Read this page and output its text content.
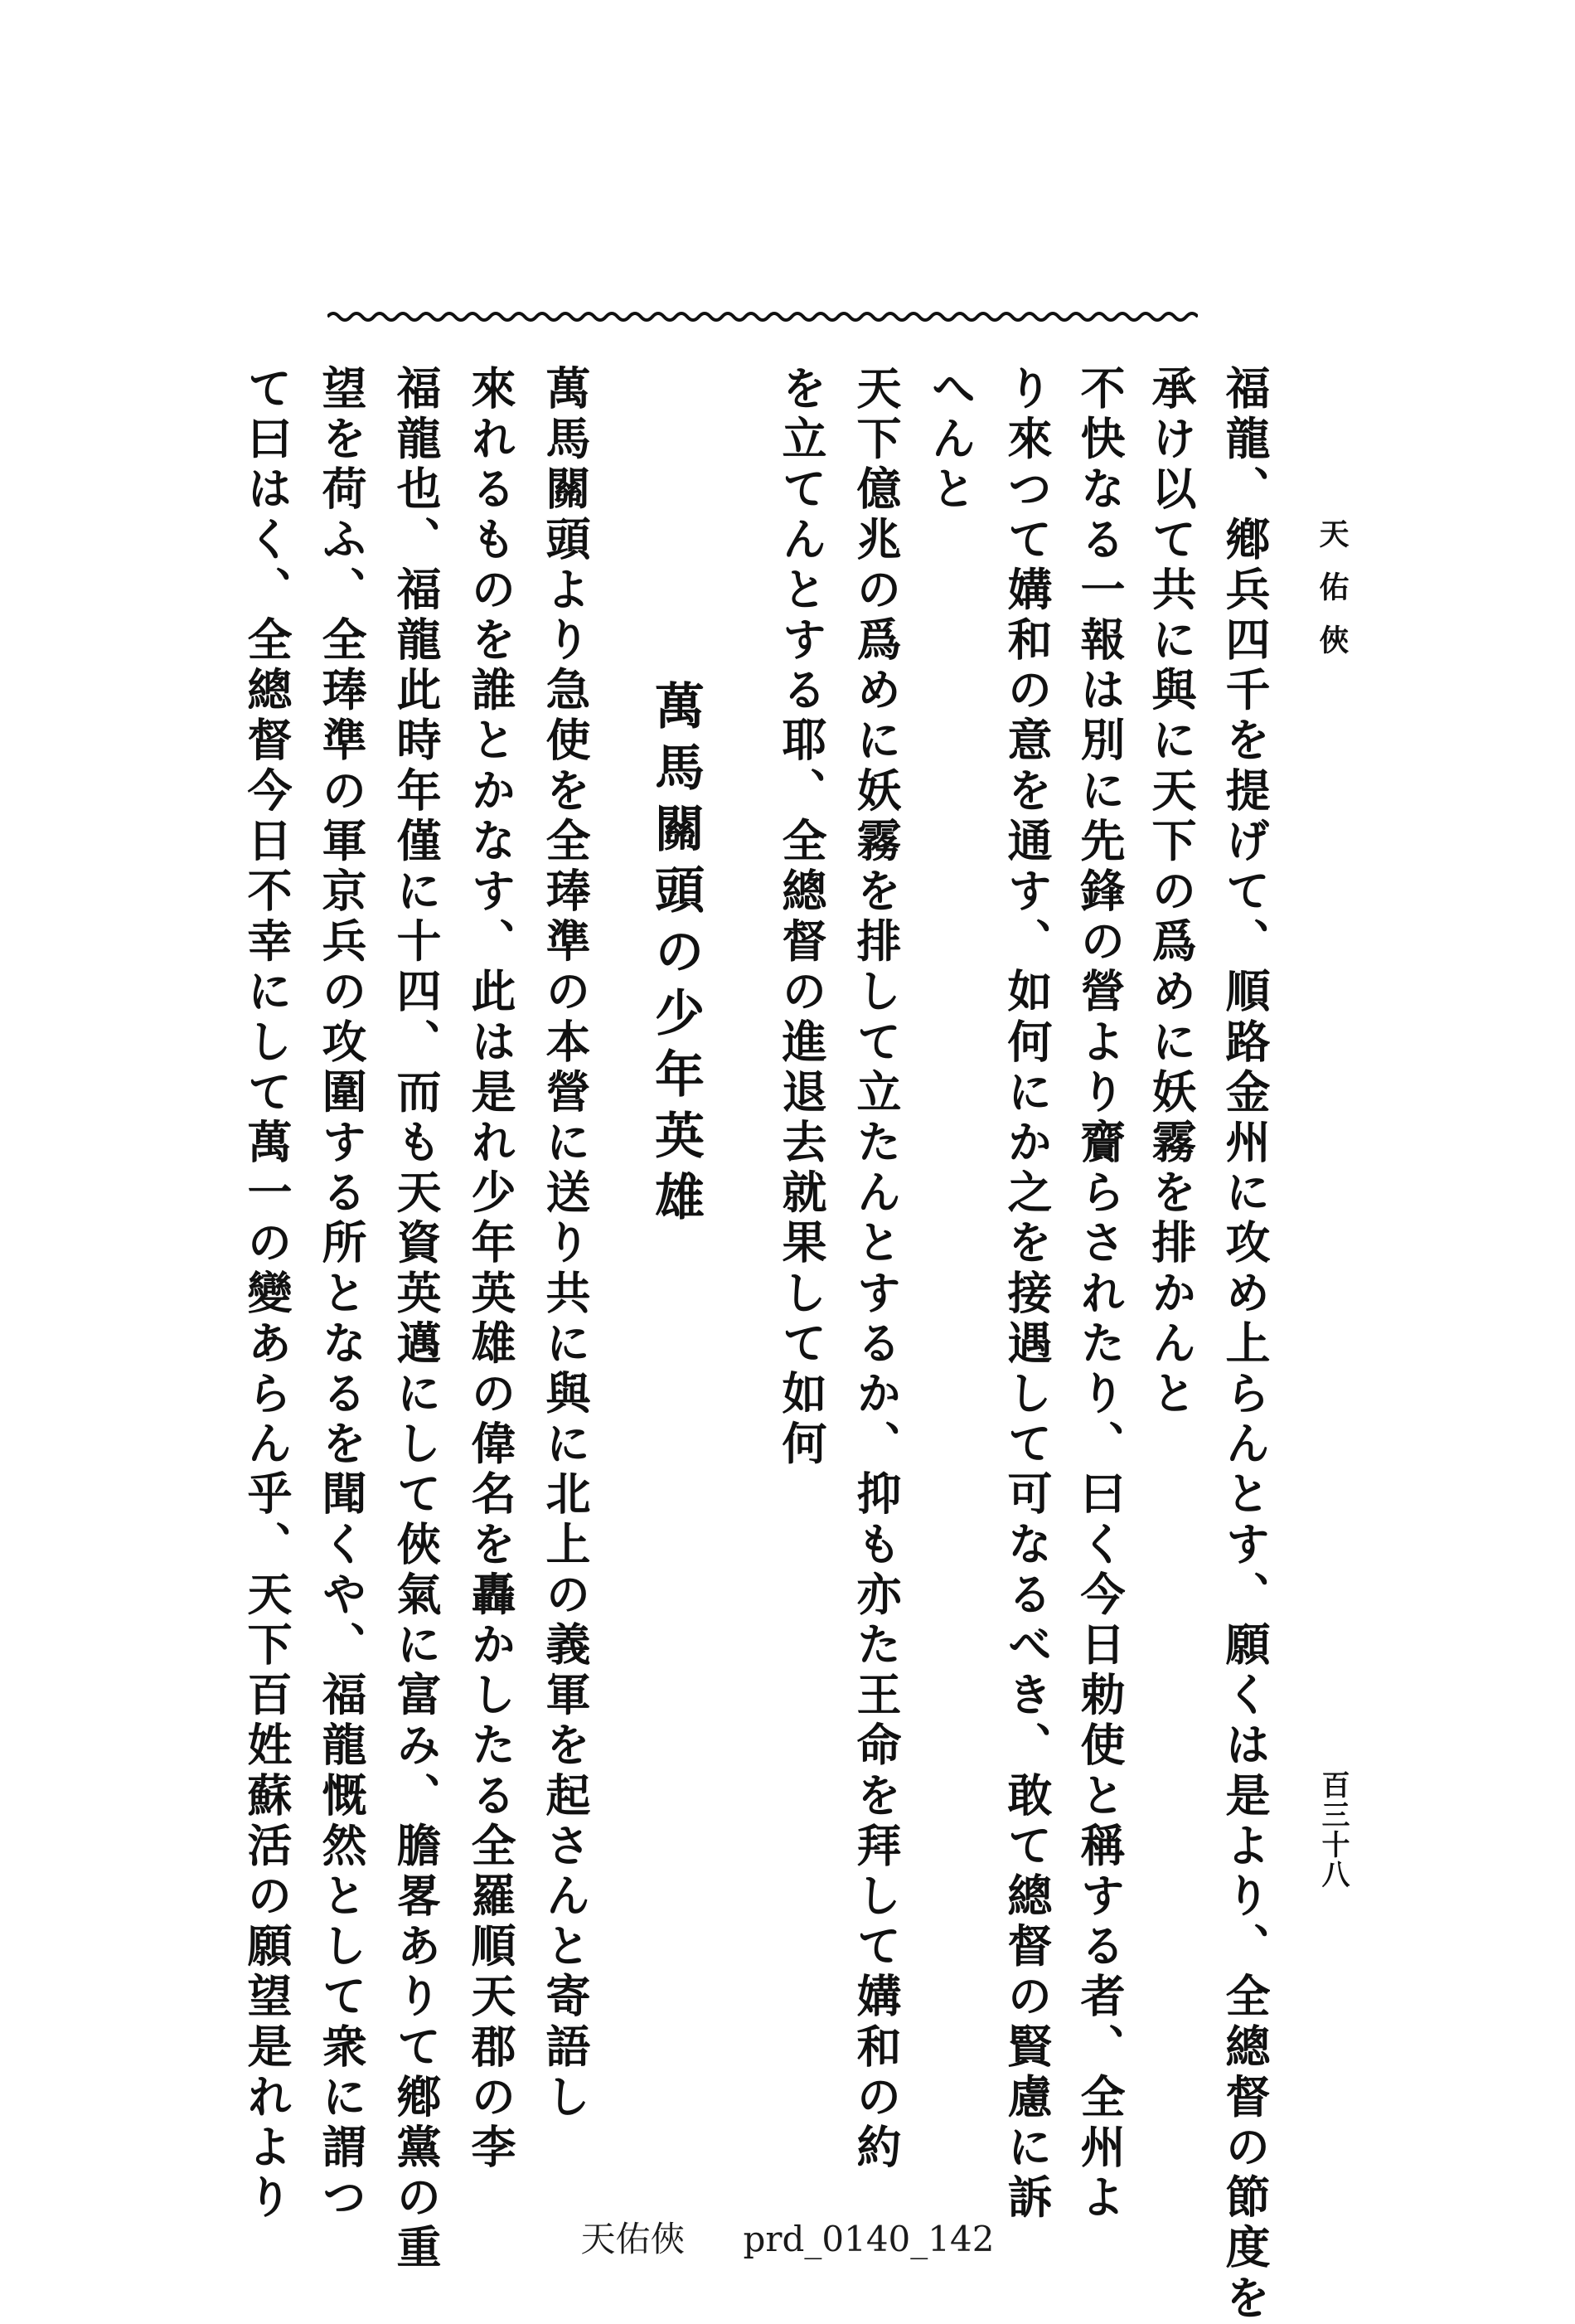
天佑俠
福龍、鄕兵四千を提げて、順路金州に攻め上らんとす、願くは是より、全總督の節度を
承け以て共に與に天下の爲めに妖霧を排かんと
不快なる一報は別に先鋒の營より齎らされたり、曰く今日勅使と稱する者、全州よ
り來つて媾和の意を通す、如何にか之を接遇して可なるべき、敢て總督の賢慮に訴
へんと
天下億兆の爲めに妖霧を排して立たんとするか、抑も亦た王命を拜して媾和の約
を立てんとする耶、全總督の進退去就果して如何
萬馬關頭の少年英雄
萬馬關頭より急使を全琫準の本營に送り共に與に北上の義軍を起さんと寄語し
來れるものを誰とかなす、此は是れ少年英雄の偉名を轟かしたる全羅順天郡の李
福龍也、福龍此時年僅に十四、而も天資英邁にして俠氣に富み、膽畧ありて鄕黨の重
望を荷ふ、全琫準の軍京兵の攻圍する所となるを聞くや、福龍慨然として衆に謂つ
て曰はく、全總督今日不幸にして萬一の變あらん乎、天下百姓蘇活の願望是れより	百三十八
天佑俠 prd_0140_142
